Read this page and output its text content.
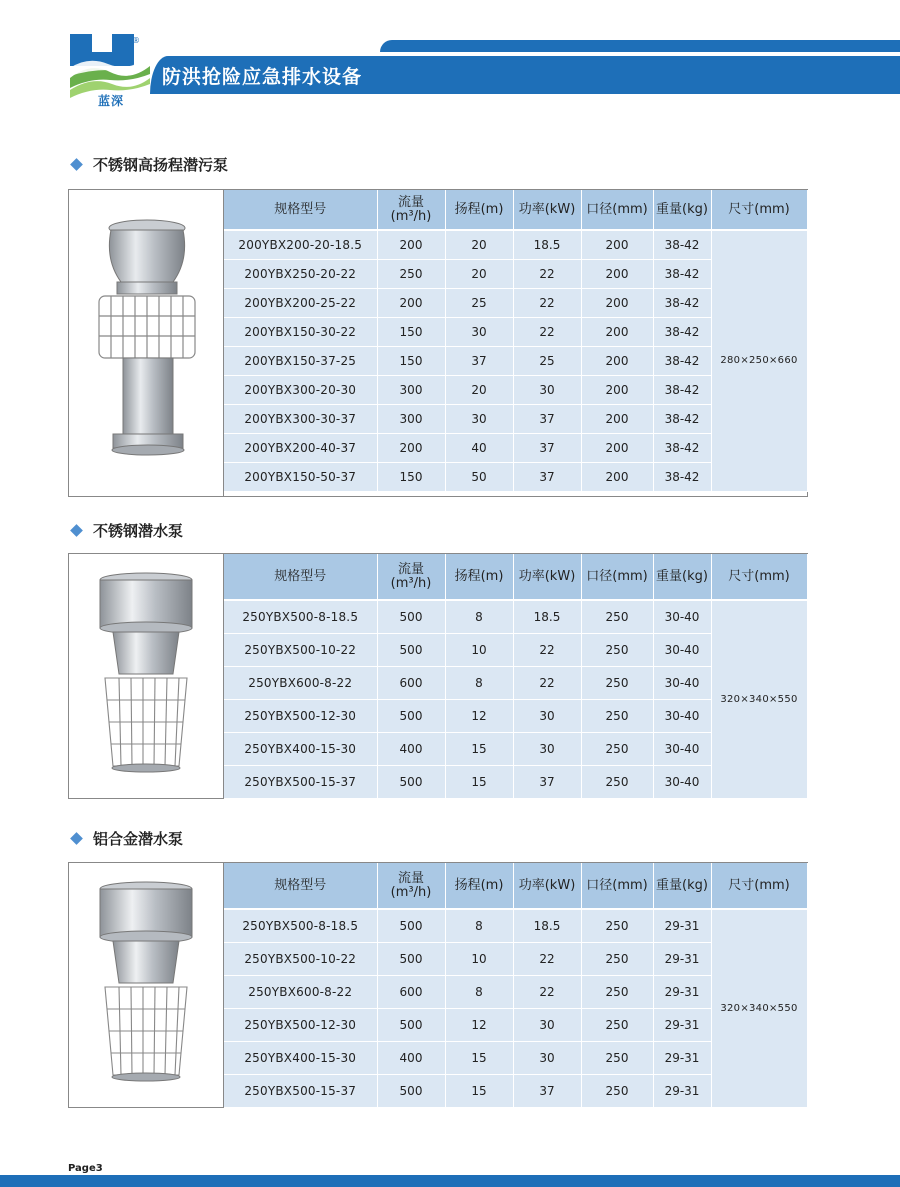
®
蓝深
防洪抢险应急排水设备
不锈钢高扬程潜污泵
规格型号	流量
(m³/h)	扬程(m)	功率(kW)	口径(mm)	重量(kg)	尺寸(mm)
200YBX200-20-18.5	200	20	18.5	200	38-42	280×250×660
200YBX250-20-22	250	20	22	200	38-42	
200YBX200-25-22	200	25	22	200	38-42	
200YBX150-30-22	150	30	22	200	38-42	
200YBX150-37-25	150	37	25	200	38-42	
200YBX300-20-30	300	20	30	200	38-42	
200YBX300-30-37	300	30	37	200	38-42	
200YBX200-40-37	200	40	37	200	38-42	
200YBX150-50-37	150	50	37	200	38-42	
不锈钢潜水泵
规格型号	流量
(m³/h)	扬程(m)	功率(kW)	口径(mm)	重量(kg)	尺寸(mm)
250YBX500-8-18.5	500	8	18.5	250	30-40	320×340×550
250YBX500-10-22	500	10	22	250	30-40	
250YBX600-8-22	600	8	22	250	30-40	
250YBX500-12-30	500	12	30	250	30-40	
250YBX400-15-30	400	15	30	250	30-40	
250YBX500-15-37	500	15	37	250	30-40	
铝合金潜水泵
规格型号	流量
(m³/h)	扬程(m)	功率(kW)	口径(mm)	重量(kg)	尺寸(mm)
250YBX500-8-18.5	500	8	18.5	250	29-31	320×340×550
250YBX500-10-22	500	10	22	250	29-31	
250YBX600-8-22	600	8	22	250	29-31	
250YBX500-12-30	500	12	30	250	29-31	
250YBX400-15-30	400	15	30	250	29-31	
250YBX500-15-37	500	15	37	250	29-31	
Page3
